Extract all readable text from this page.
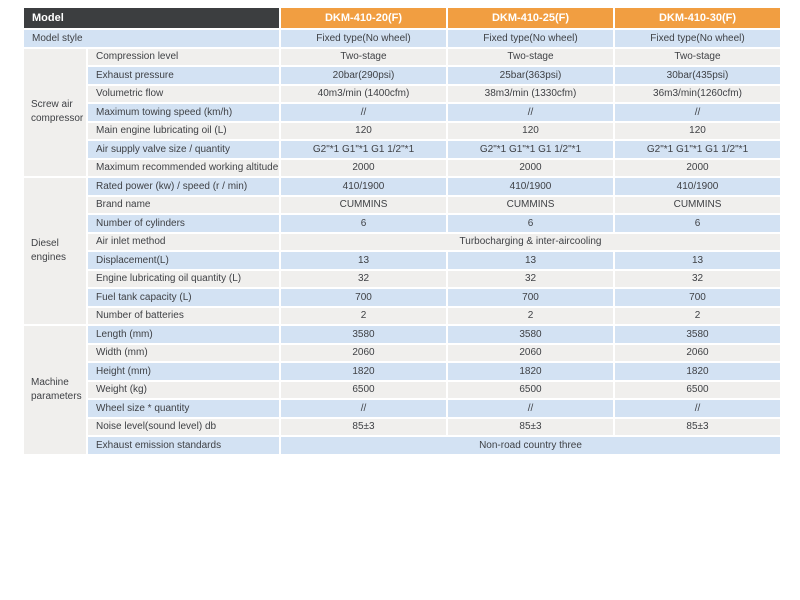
Model		DKM-410-20(F)	DKM-410-25(F)	DKM-410-30(F)
Model style		Fixed type(No wheel)	Fixed type(No wheel)	Fixed type(No wheel)
Screw air compressor	Compression level	Two-stage	Two-stage	Two-stage
	Exhaust pressure	20bar(290psi)	25bar(363psi)	30bar(435psi)
	Volumetric flow	40m3/min (1400cfm)	38m3/min (1330cfm)	36m3/min(1260cfm)
	Maximum towing speed (km/h)	//	//	//
	Main engine lubricating oil (L)	120	120	120
	Air supply valve size / quantity	G2"*1 G1"*1 G1 1/2"*1	G2"*1 G1"*1 G1 1/2"*1	G2"*1 G1"*1 G1 1/2"*1
	Maximum recommended working altitude	2000	2000	2000
Diesel engines	Rated power (kw) / speed (r / min)	410/1900	410/1900	410/1900
	Brand name	CUMMINS	CUMMINS	CUMMINS
	Number of cylinders	6	6	6
	Air inlet method	Turbocharging & inter-aircooling		
	Displacement(L)	13	13	13
	Engine lubricating oil quantity (L)	32	32	32
	Fuel tank capacity (L)	700	700	700
	Number of batteries	2	2	2
Machine parameters	Length (mm)	3580	3580	3580
	Width (mm)	2060	2060	2060
	Height (mm)	1820	1820	1820
	Weight (kg)	6500	6500	6500
	Wheel size * quantity	//	//	//
	Noise level(sound level) db	85±3	85±3	85±3
	Exhaust emission standards	Non-road country three		
